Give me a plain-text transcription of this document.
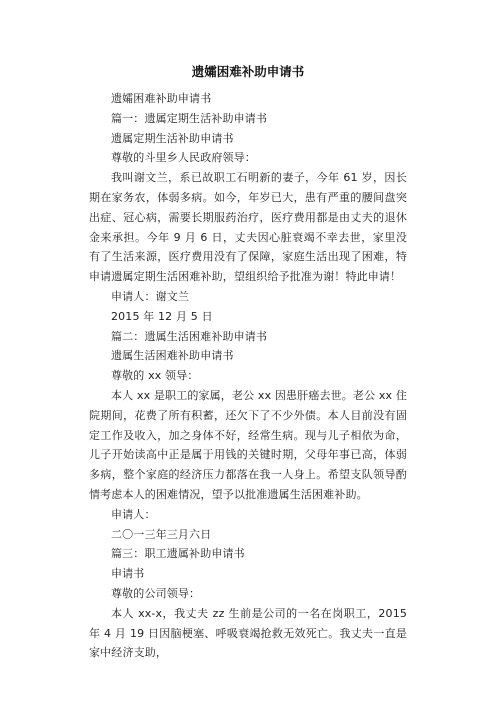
遗孀困难补助申请书

遗孀困难补助申请书

篇一：遗属定期生活补助申请书

遗属定期生活补助申请书

尊敬的斗里乡人民政府领导：

我叫谢文兰，系已故职工石明新的妻子，今年 61 岁，因长期在家务农，体弱多病。如今，年岁已大，患有严重的腰间盘突出症、冠心病，需要长期服药治疗，医疗费用都是由丈夫的退休金来承担。今年 9 月 6 日，丈夫因心脏衰竭不幸去世，家里没有了生活来源，医疗费用没有了保障，家庭生活出现了困难，特申请遗属定期生活困难补助，望组织给予批准为谢！特此申请！

申请人：谢文兰

2015 年 12 月 5 日

篇二：遗属生活困难补助申请书

遗属生活困难补助申请书

尊敬的 xx 领导：

本人 xx 是职工的家属，老公 xx 因患肝癌去世。老公 xx 住院期间，花费了所有积蓄，还欠下了不少外债。本人目前没有固定工作及收入，加之身体不好，经常生病。现与儿子相依为命，儿子开始读高中正是属于用钱的关键时期，父母年事已高，体弱多病，整个家庭的经济压力都落在我一人身上。希望支队领导酌情考虑本人的困难情况，望予以批准遗属生活困难补助。

申请人：

二〇一三年三月六日

篇三：职工遗属补助申请书

申请书

尊敬的公司领导：

本人 xx-x，我丈夫 zz 生前是公司的一名在岗职工，2015 年 4 月 19 日因脑梗塞、呼吸衰竭抢救无效死亡。我丈夫一直是家中经济支助，
